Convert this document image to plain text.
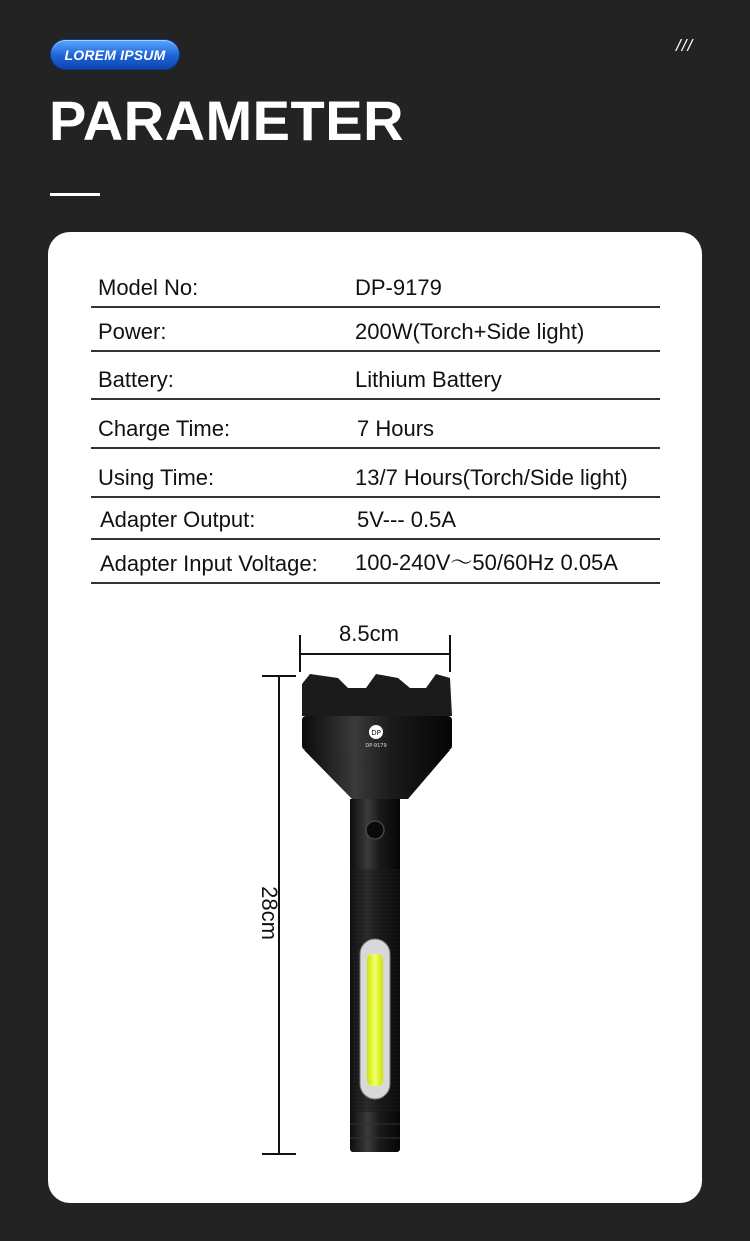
LOREM IPSUM	///
PARAMETER
Model No:	DP-9179
Power:	200W(Torch+Side light)
Battery:	Lithium Battery
Charge Time:	7 Hours
Using Time:	13/7 Hours(Torch/Side light)
Adapter Output:	5V--- 0.5A
Adapter Input Voltage: 100-240V～50/60Hz 0.05A
DP
DP-9179
8.5cm
28cm
